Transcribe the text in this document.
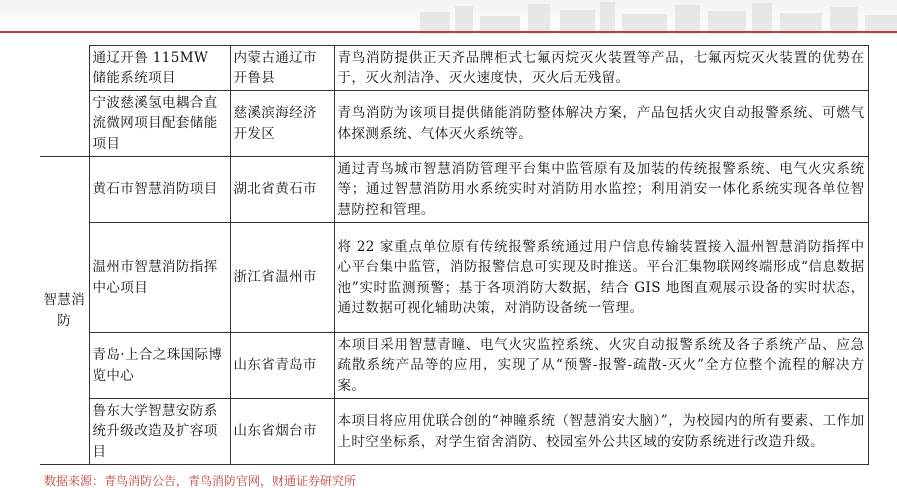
	通辽开鲁 115MW 储能系统项目	内蒙古通辽市开鲁县	青鸟消防提供正天齐品牌柜式七氟丙烷灭火装置等产品，七氟丙烷灭火装置的优势在于，灭火剂洁净、灭火速度快，灭火后无残留。
	宁波慈溪氢电耦合直流微网项目配套储能项目	慈溪滨海经济开发区	青鸟消防为该项目提供储能消防整体解决方案，产品包括火灾自动报警系统、可燃气体探测系统、气体灭火系统等。
智慧消防	黄石市智慧消防项目	湖北省黄石市	通过青鸟城市智慧消防管理平台集中监管原有及加装的传统报警系统、电气火灾系统等；通过智慧消防用水系统实时对消防用水监控；利用消安一体化系统实现各单位智慧防控和管理。
	温州市智慧消防指挥中心项目	浙江省温州市	将 22 家重点单位原有传统报警系统通过用户信息传输装置接入温州智慧消防指挥中心平台集中监管，消防报警信息可实现及时推送。平台汇集物联网终端形成“信息数据池”实时监测预警；基于各项消防大数据，结合 GIS 地图直观展示设备的实时状态，通过数据可视化辅助决策，对消防设备统一管理。
	青岛·上合之珠国际博览中心	山东省青岛市	本项目采用智慧青瞳、电气火灾监控系统、火灾自动报警系统及各子系统产品、应急疏散系统产品等的应用，实现了从“预警-报警-疏散-灭火”全方位整个流程的解决方案。
	鲁东大学智慧安防系统升级改造及扩容项目	山东省烟台市	本项目将应用优联合创的“神瞳系统（智慧消安大脑）”，为校园内的所有要素、工作加上时空坐标系，对学生宿舍消防、校园室外公共区域的安防系统进行改造升级。
数据来源：青鸟消防公告，青鸟消防官网，财通证券研究所
